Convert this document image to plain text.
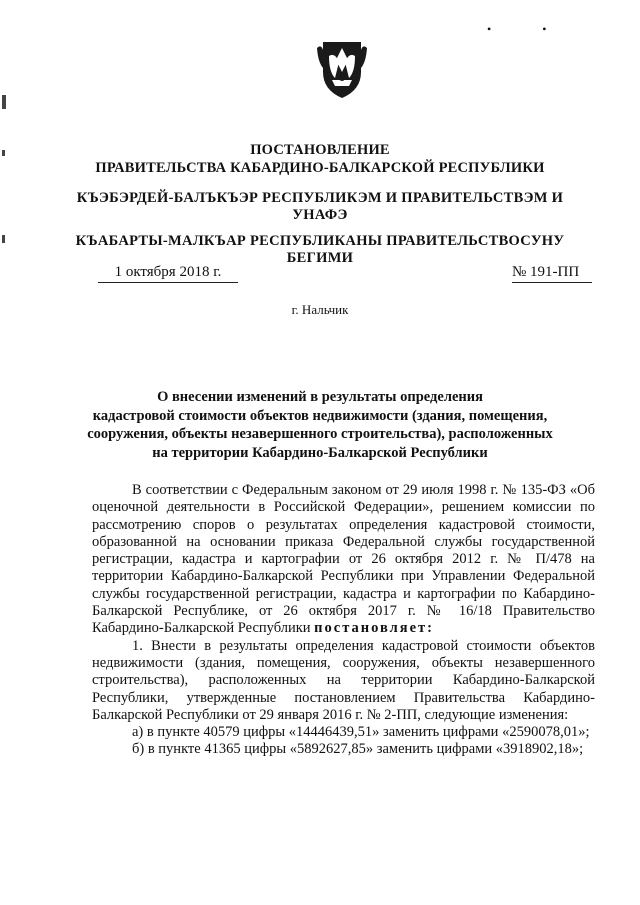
• •
ПОСТАНОВЛЕНИЕ
ПРАВИТЕЛЬСТВА КАБАРДИНО-БАЛКАРСКОЙ РЕСПУБЛИКИ
КЪЭБЭРДЕЙ-БАЛЪКЪЭР РЕСПУБЛИКЭМ И ПРАВИТЕЛЬСТВЭМ И
УНАФЭ
КЪАБАРТЫ-МАЛКЪАР РЕСПУБЛИКАНЫ ПРАВИТЕЛЬСТВОСУНУ
БЕГИМИ
1 октября 2018 г.	№ 191-ПП
г. Нальчик
О внесении изменений в результаты определения
кадастровой стоимости объектов недвижимости (здания, помещения,
сооружения, объекты незавершенного строительства), расположенных
на территории Кабардино-Балкарской Республики

В соответствии с Федеральным законом от 29 июля 1998 г. № 135-ФЗ «Об оценочной деятельности в Российской Федерации», решением комиссии по рассмотрению споров о результатах определения кадастровой стоимости, образованной на основании приказа Федеральной службы государственной регистрации, кадастра и картографии от 26 октября 2012 г. № П/478 на территории Кабардино-Балкарской Республики при Управлении Федеральной службы государственной регистрации, кадастра и картографии по Кабардино-Балкарской Республике, от 26 октября 2017 г. № 16/18 Правительство Кабардино-Балкарской Республики постановляет:

1. Внести в результаты определения кадастровой стоимости объектов недвижимости (здания, помещения, сооружения, объекты незавершенного строительства), расположенных на территории Кабардино-Балкарской Республики, утвержденные постановлением Правительства Кабардино-Балкарской Республики от 29 января 2016 г. № 2-ПП, следующие изменения:

а) в пункте 40579 цифры «14446439,51» заменить цифрами «2590078,01»;

б) в пункте 41365 цифры «5892627,85» заменить цифрами «3918902,18»;
